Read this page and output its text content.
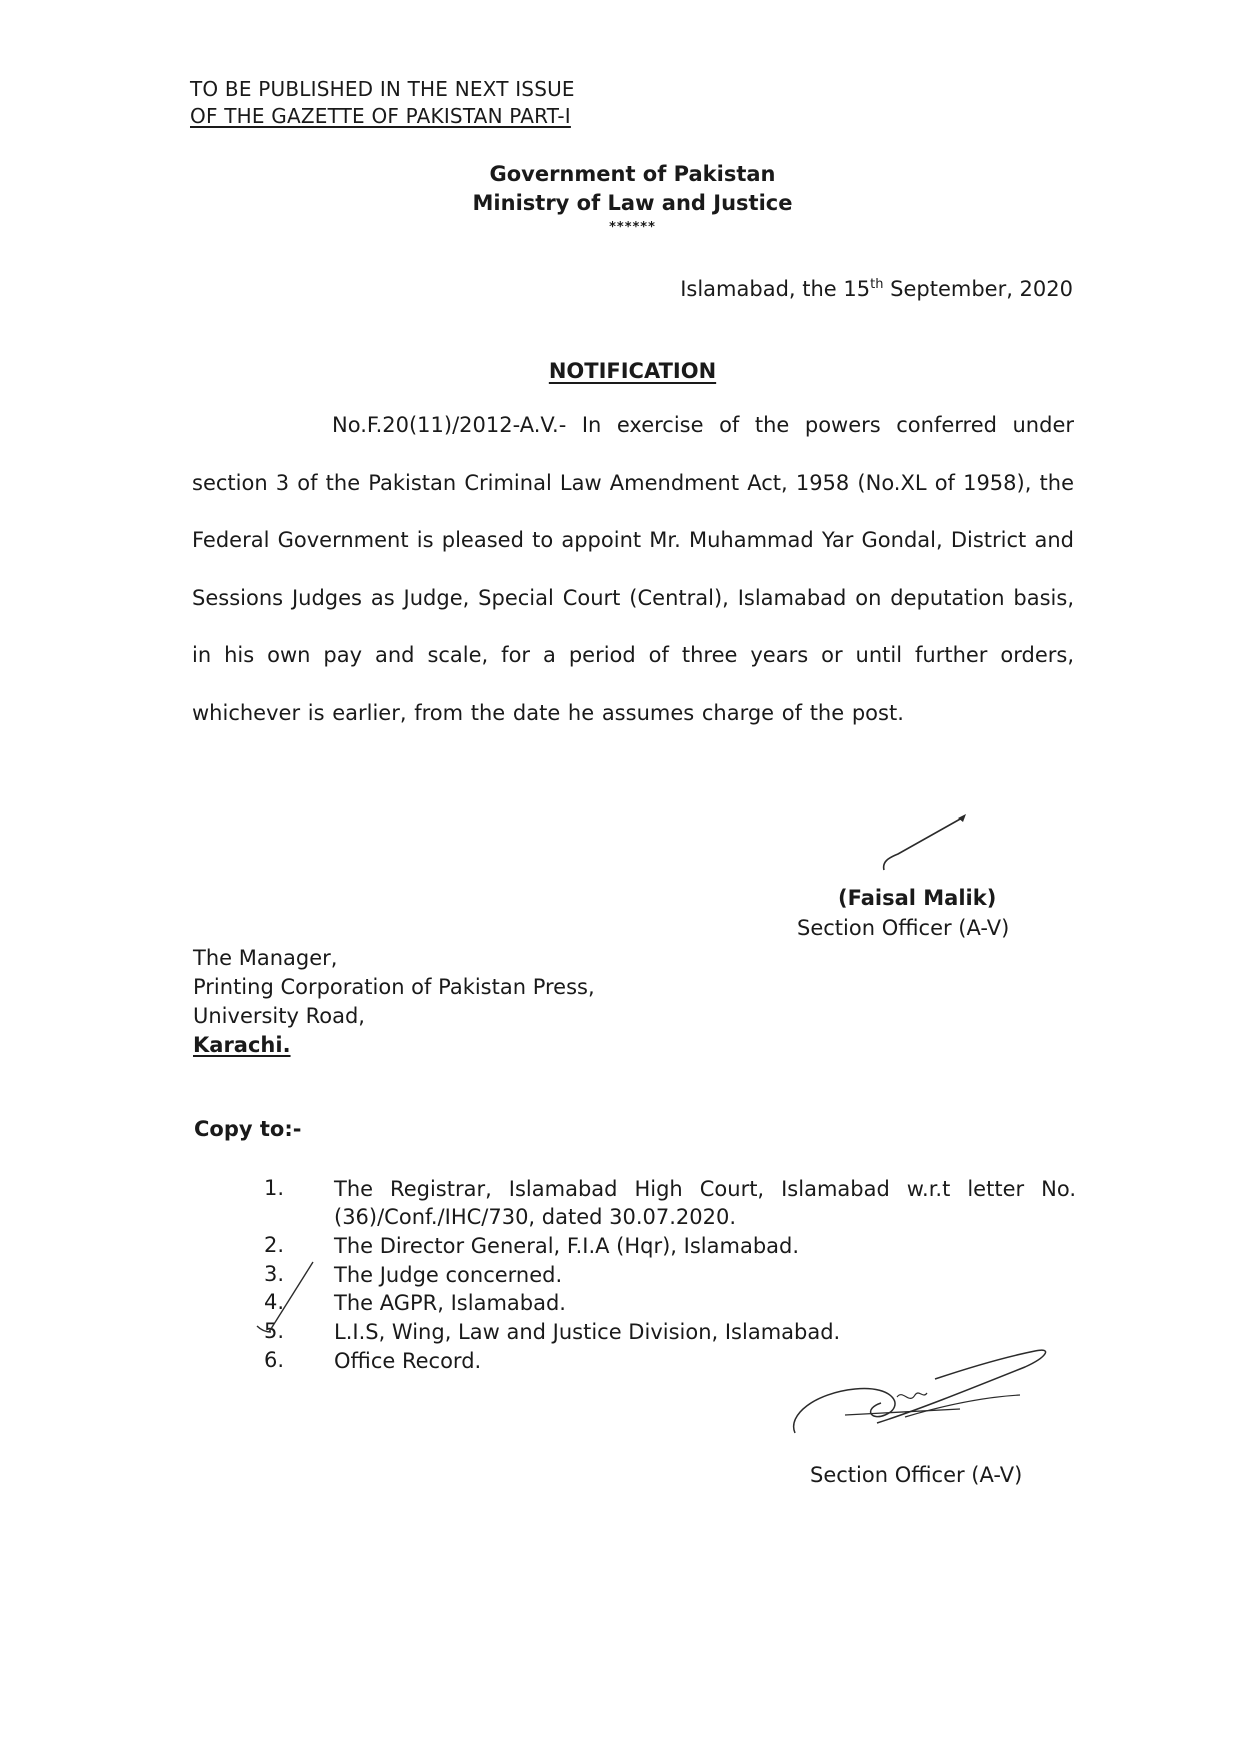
TO BE PUBLISHED IN THE NEXT ISSUE
OF THE GAZETTE OF PAKISTAN PART-I
Government of Pakistan
Ministry of Law and Justice
******
Islamabad, the 15th September, 2020
NOTIFICATION
No.F.20(11)/2012-A.V.- In exercise of the powers conferred under section 3 of the Pakistan Criminal Law Amendment Act, 1958 (No.XL of 1958), the Federal Government is pleased to appoint Mr. Muhammad Yar Gondal, District and Sessions Judges as Judge, Special Court (Central), Islamabad on deputation basis, in his own pay and scale, for a period of three years or until further orders, whichever is earlier, from the date he assumes charge of the post.
(Faisal Malik)
Section Officer (A-V)
The Manager,
Printing Corporation of Pakistan Press,
University Road,
Karachi.
Copy to:-
1. The Registrar, Islamabad High Court, Islamabad w.r.t letter No.(36)/Conf./IHC/730, dated 30.07.2020.
2. The Director General, F.I.A (Hqr), Islamabad.
3. The Judge concerned.
4. The AGPR, Islamabad.
5. L.I.S, Wing, Law and Justice Division, Islamabad.
6. Office Record.
Section Officer (A-V)
